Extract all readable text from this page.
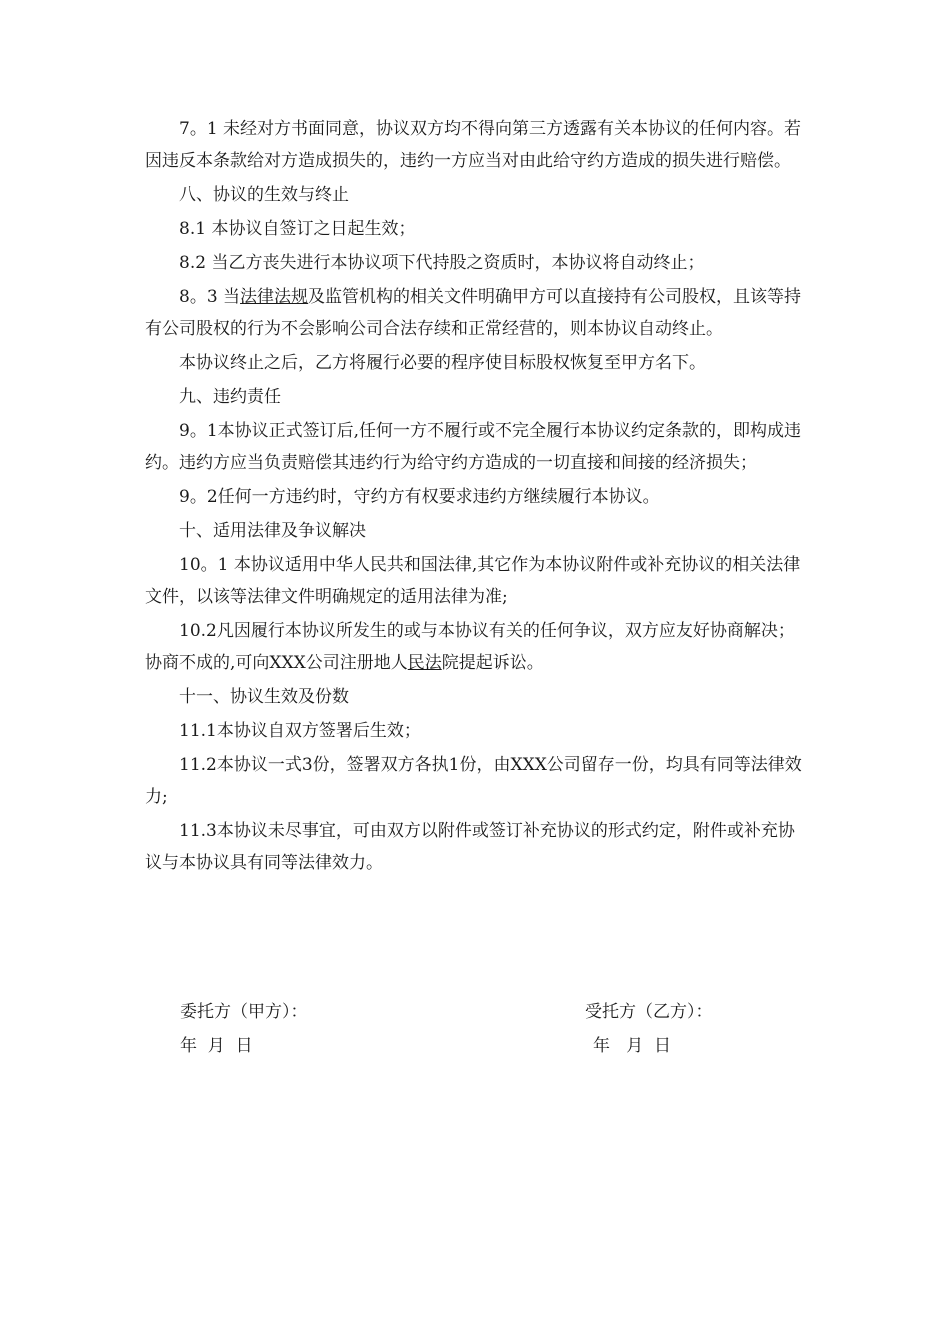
7。1 未经对方书面同意，协议双方均不得向第三方透露有关本协议的任何内容。若因违反本条款给对方造成损失的，违约一方应当对由此给守约方造成的损失进行赔偿。

八、协议的生效与终止

8.1 本协议自签订之日起生效；

8.2 当乙方丧失进行本协议项下代持股之资质时，本协议将自动终止；

8。3 当法律法规及监管机构的相关文件明确甲方可以直接持有公司股权，且该等持有公司股权的行为不会影响公司合法存续和正常经营的，则本协议自动终止。

本协议终止之后，乙方将履行必要的程序使目标股权恢复至甲方名下。

九、违约责任

9。1本协议正式签订后,任何一方不履行或不完全履行本协议约定条款的，即构成违约。违约方应当负责赔偿其违约行为给守约方造成的一切直接和间接的经济损失；

9。2任何一方违约时，守约方有权要求违约方继续履行本协议。

十、适用法律及争议解决

10。1 本协议适用中华人民共和国法律,其它作为本协议附件或补充协议的相关法律文件，以该等法律文件明确规定的适用法律为准;

10.2凡因履行本协议所发生的或与本协议有关的任何争议，双方应友好协商解决；协商不成的,可向XXX公司注册地人民法院提起诉讼。

十一、协议生效及份数

11.1本协议自双方签署后生效；

11.2本协议一式3份，签署双方各执1份，由XXX公司留存一份，均具有同等法律效力;

11.3本协议未尽事宜，可由双方以附件或签订补充协议的形式约定，附件或补充协议与本协议具有同等法律效力。

委托方（甲方）：	受托方（乙方）：
年  月  日	年   月  日
